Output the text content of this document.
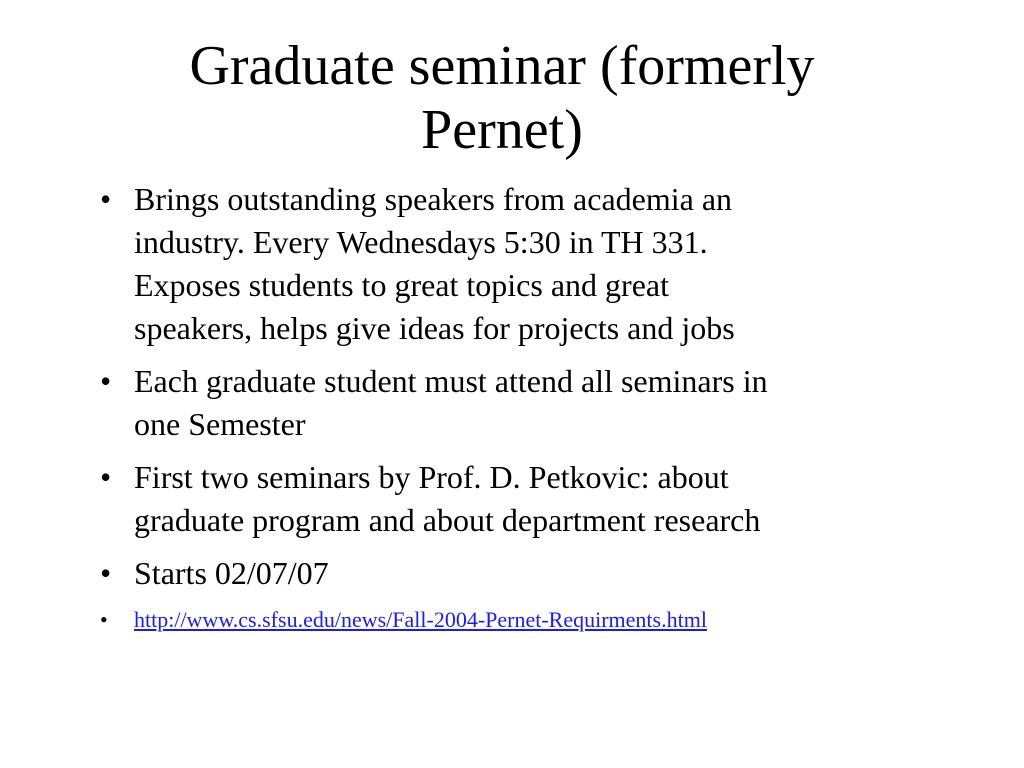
Graduate seminar (formerly
Pernet)
• Brings outstanding speakers from academia an
industry. Every Wednesdays 5:30 in TH 331.
Exposes students to great topics and great
speakers, helps give ideas for projects and jobs
• Each graduate student must attend all seminars in
one Semester
• First two seminars by Prof. D. Petkovic: about
graduate program and about department research
• Starts 02/07/07
• http://www.cs.sfsu.edu/news/Fall-2004-Pernet-Requirments.html
